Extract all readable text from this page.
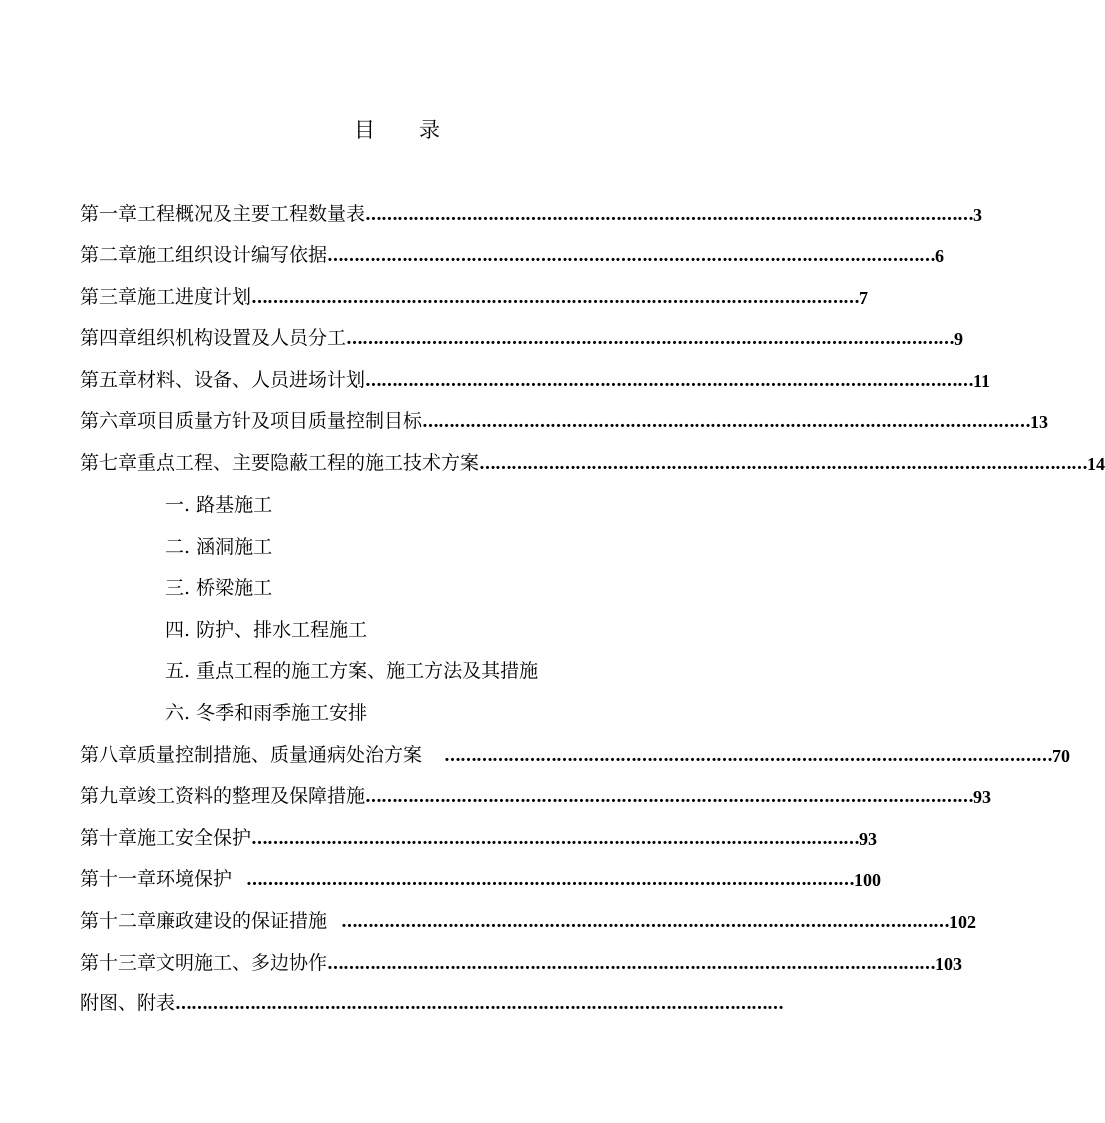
目 录
第一章 工程概况及主要工程数量表 …………………………………………………………………………………………………… 3
第二章 施工组织设计编写依据 …………………………………………………………………………………………………… 6
第三章 施工进度计划 …………………………………………………………………………………………………… 7
第四章 组织机构设置及人员分工 …………………………………………………………………………………………………… 9
第五章 材料、设备、人员进场计划 …………………………………………………………………………………………………… 11
第六章 项目质量方针及项目质量控制目标 …………………………………………………………………………………………………… 13
第七章 重点工程、主要隐蔽工程的施工技术方案 …………………………………………………………………………………………………… 14
一. 路基施工
二. 涵洞施工
三. 桥梁施工
四. 防护、排水工程施工
五. 重点工程的施工方案、施工方法及其措施
六. 冬季和雨季施工安排
第八章 质量控制措施、质量通病处治方案 …………………………………………………………………………………………………… 70
第九章 竣工资料的整理及保障措施 …………………………………………………………………………………………………… 93
第十章 施工安全保护 …………………………………………………………………………………………………… 93
第十一章 环境保护 …………………………………………………………………………………………………… 100
第十二章 廉政建设的保证措施 …………………………………………………………………………………………………… 102
第十三章 文明施工、多边协作 …………………………………………………………………………………………………… 103
附图、附表 ……………………………………………………………………………………………………
